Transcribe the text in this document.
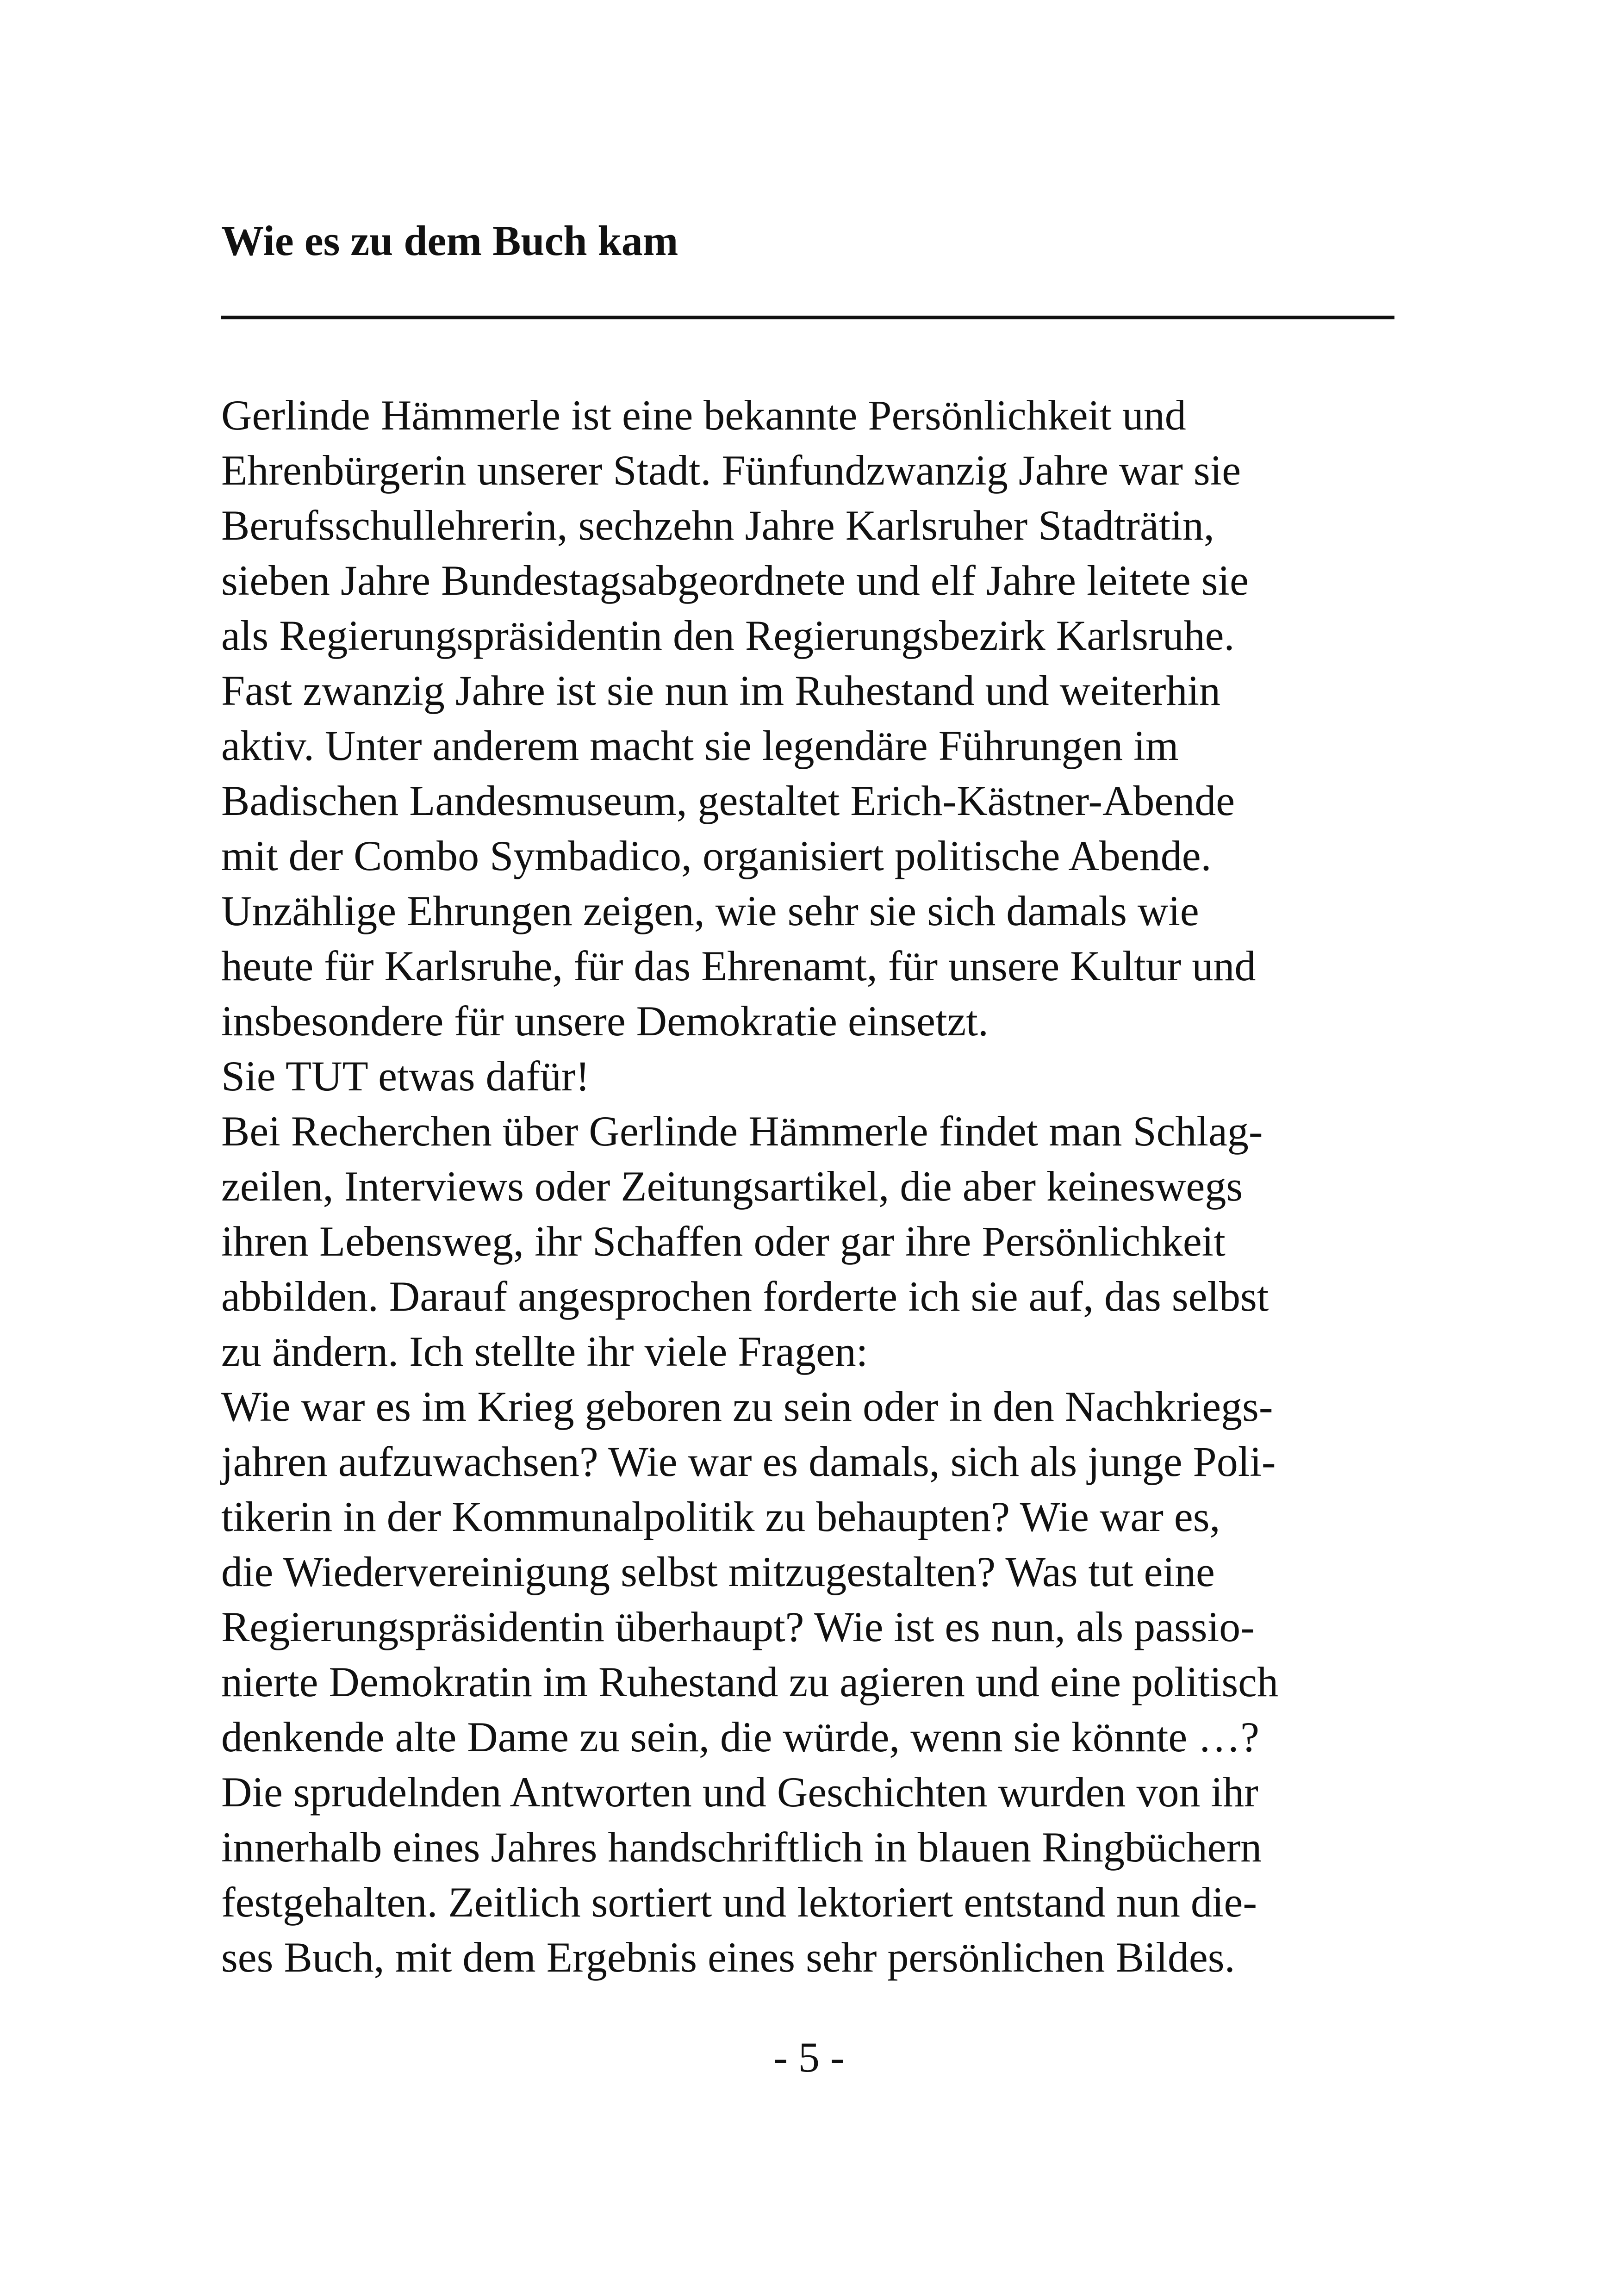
Wie es zu dem Buch kam
Gerlinde Hämmerle ist eine bekannte Persönlichkeit und
Ehrenbürgerin unserer Stadt. Fünfundzwanzig Jahre war sie
Berufsschullehrerin, sechzehn Jahre Karlsruher Stadträtin,
sieben Jahre Bundestagsabgeordnete und elf Jahre leitete sie
als Regierungspräsidentin den Regierungsbezirk Karlsruhe.
Fast zwanzig Jahre ist sie nun im Ruhestand und weiterhin
aktiv. Unter anderem macht sie legendäre Führungen im
Badischen Landesmuseum, gestaltet Erich-Kästner-Abende
mit der Combo Symbadico, organisiert politische Abende.
Unzählige Ehrungen zeigen, wie sehr sie sich damals wie
heute für Karlsruhe, für das Ehrenamt, für unsere Kultur und
insbesondere für unsere Demokratie einsetzt.
Sie TUT etwas dafür!
Bei Recherchen über Gerlinde Hämmerle findet man Schlag-
zeilen, Interviews oder Zeitungsartikel, die aber keineswegs
ihren Lebensweg, ihr Schaffen oder gar ihre Persönlichkeit
abbilden. Darauf angesprochen forderte ich sie auf, das selbst
zu ändern. Ich stellte ihr viele Fragen:
Wie war es im Krieg geboren zu sein oder in den Nachkriegs-
jahren aufzuwachsen? Wie war es damals, sich als junge Poli-
tikerin in der Kommunalpolitik zu behaupten? Wie war es,
die Wiedervereinigung selbst mitzugestalten? Was tut eine
Regierungspräsidentin überhaupt? Wie ist es nun, als passio-
nierte Demokratin im Ruhestand zu agieren und eine politisch
denkende alte Dame zu sein, die würde, wenn sie könnte …?
Die sprudelnden Antworten und Geschichten wurden von ihr
innerhalb eines Jahres handschriftlich in blauen Ringbüchern
festgehalten. Zeitlich sortiert und lektoriert entstand nun die-
ses Buch, mit dem Ergebnis eines sehr persönlichen Bildes.
- 5 -
